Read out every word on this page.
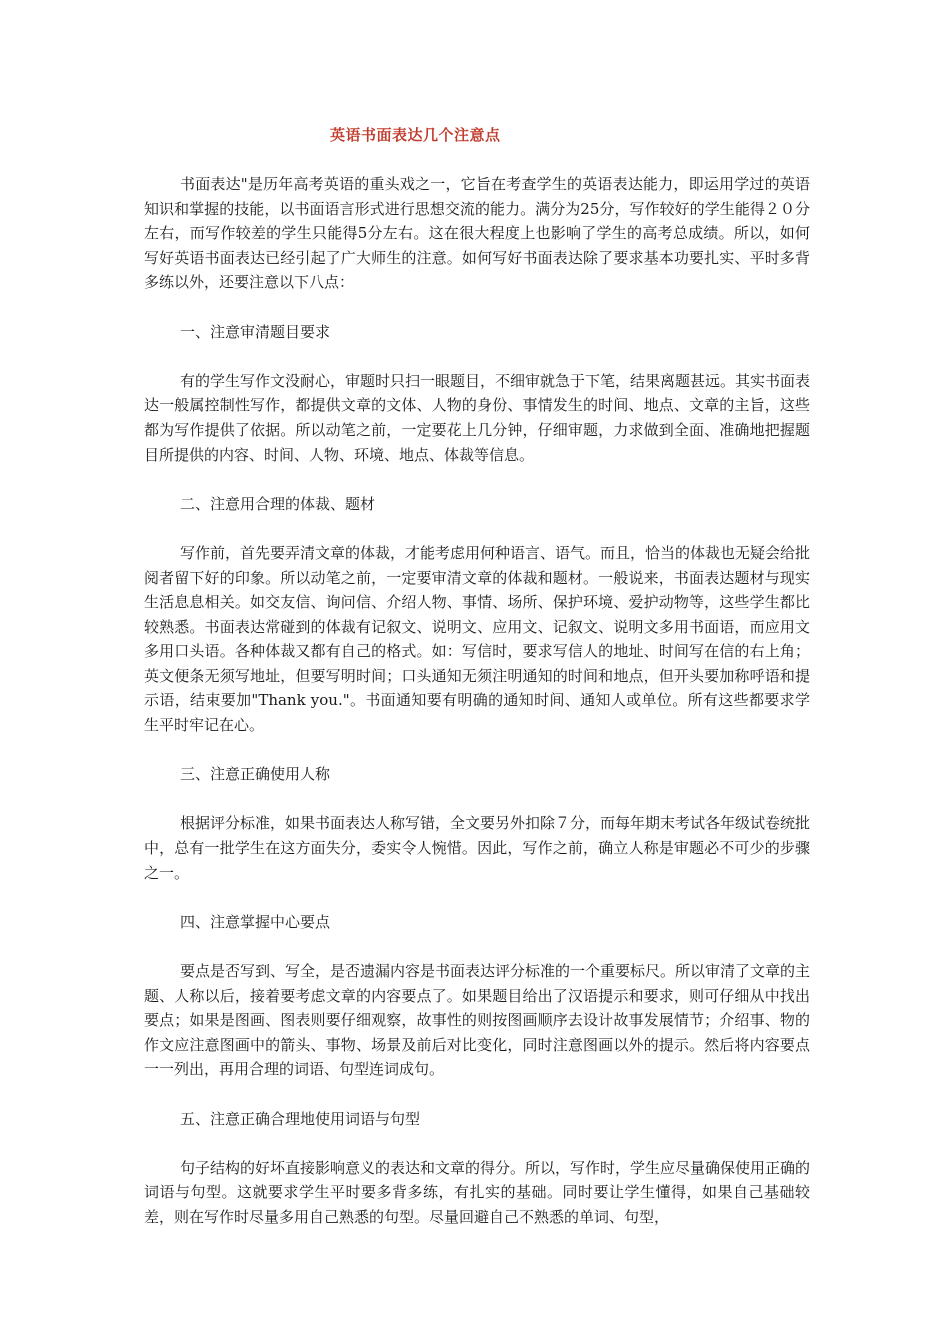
英语书面表达几个注意点

书面表达"是历年高考英语的重头戏之一，它旨在考查学生的英语表达能力，即运用学过的英语知识和掌握的技能，以书面语言形式进行思想交流的能力。满分为25分，写作较好的学生能得２０分左右，而写作较差的学生只能得5分左右。这在很大程度上也影响了学生的高考总成绩。所以，如何写好英语书面表达已经引起了广大师生的注意。如何写好书面表达除了要求基本功要扎实、平时多背多练以外，还要注意以下八点：

一、注意审清题目要求

有的学生写作文没耐心，审题时只扫一眼题目，不细审就急于下笔，结果离题甚远。其实书面表达一般属控制性写作，都提供文章的文体、人物的身份、事情发生的时间、地点、文章的主旨，这些都为写作提供了依据。所以动笔之前，一定要花上几分钟，仔细审题，力求做到全面、准确地把握题目所提供的内容、时间、人物、环境、地点、体裁等信息。

二、注意用合理的体裁、题材

写作前，首先要弄清文章的体裁，才能考虑用何种语言、语气。而且，恰当的体裁也无疑会给批阅者留下好的印象。所以动笔之前，一定要审清文章的体裁和题材。一般说来，书面表达题材与现实生活息息相关。如交友信、询问信、介绍人物、事情、场所、保护环境、爱护动物等，这些学生都比较熟悉。书面表达常碰到的体裁有记叙文、说明文、应用文、记叙文、说明文多用书面语，而应用文多用口头语。各种体裁又都有自己的格式。如：写信时，要求写信人的地址、时间写在信的右上角；英文便条无须写地址，但要写明时间；口头通知无须注明通知的时间和地点，但开头要加称呼语和提示语，结束要加"Thank you."。书面通知要有明确的通知时间、通知人或单位。所有这些都要求学生平时牢记在心。

三、注意正确使用人称

根据评分标准，如果书面表达人称写错，全文要另外扣除７分，而每年期末考试各年级试卷统批中，总有一批学生在这方面失分，委实令人惋惜。因此，写作之前，确立人称是审题必不可少的步骤之一。

四、注意掌握中心要点

要点是否写到、写全，是否遗漏内容是书面表达评分标准的一个重要标尺。所以审清了文章的主题、人称以后，接着要考虑文章的内容要点了。如果题目给出了汉语提示和要求，则可仔细从中找出要点；如果是图画、图表则要仔细观察，故事性的则按图画顺序去设计故事发展情节；介绍事、物的作文应注意图画中的箭头、事物、场景及前后对比变化，同时注意图画以外的提示。然后将内容要点一一列出，再用合理的词语、句型连词成句。

五、注意正确合理地使用词语与句型

句子结构的好坏直接影响意义的表达和文章的得分。所以，写作时，学生应尽量确保使用正确的词语与句型。这就要求学生平时要多背多练，有扎实的基础。同时要让学生懂得，如果自己基础较差，则在写作时尽量多用自己熟悉的句型。尽量回避自己不熟悉的单词、句型，
